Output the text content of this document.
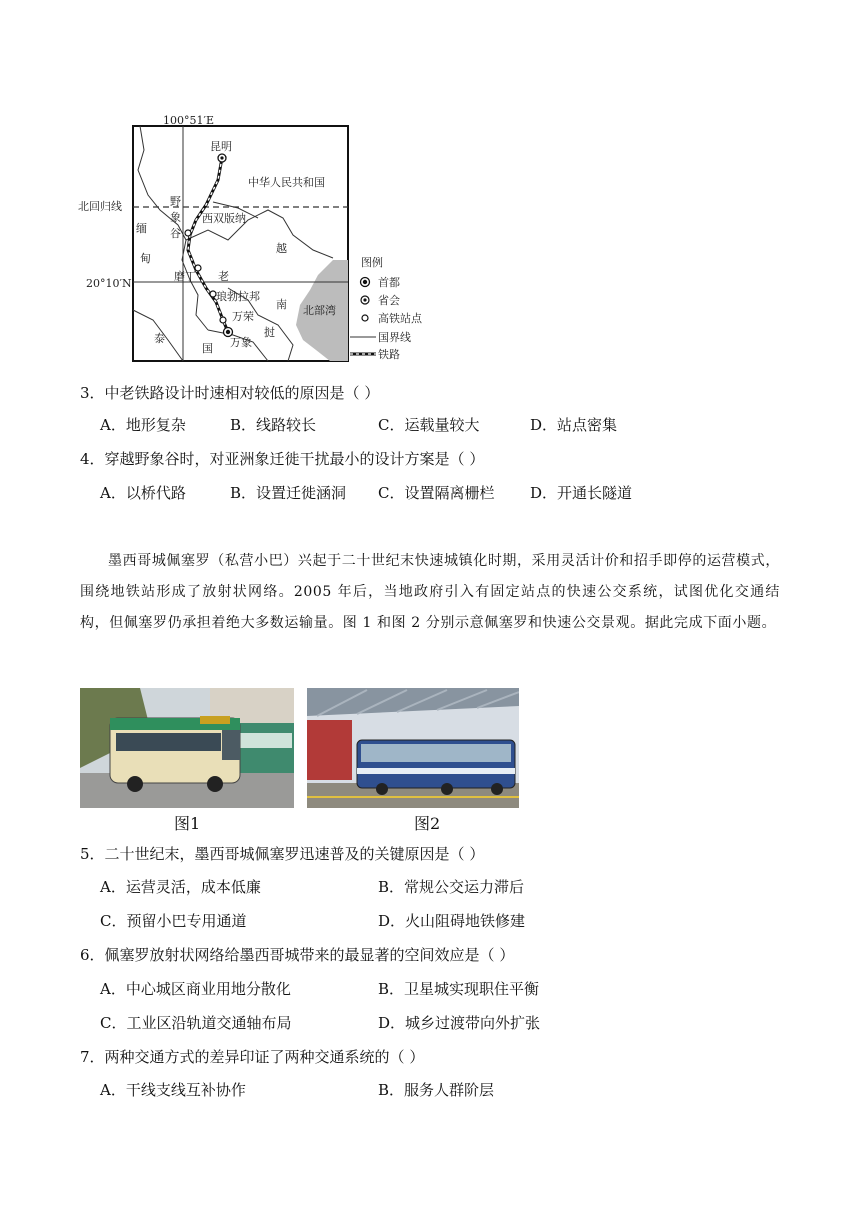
100°51′E
北回归线
20°10′N
昆明
中华人民共和国
西双版纳
野
象
谷
缅
甸
越
磨丁 老
琅勃拉邦
南 北部湾
万荣
挝
泰
国 万象
图例
首都
省会
高铁站点
国界线
铁路
3．中老铁路设计时速相对较低的原因是（ ）
A．地形复杂	B．线路较长	C．运载量较大	D．站点密集
4．穿越野象谷时，对亚洲象迁徙干扰最小的设计方案是（ ）
A．以桥代路	B．设置迁徙涵洞 C．设置隔离栅栏 D．开通长隧道
墨西哥城佩塞罗（私营小巴）兴起于二十世纪末快速城镇化时期，采用灵活计价和招手即停的运营模式，围绕地铁站形成了放射状网络。2005 年后，当地政府引入有固定站点的快速公交系统，试图优化交通结构，但佩塞罗仍承担着绝大多数运输量。图 1 和图 2 分别示意佩塞罗和快速公交景观。据此完成下面小题。
图1	图2
5．二十世纪末，墨西哥城佩塞罗迅速普及的关键原因是（ ）
A．运营灵活，成本低廉	B．常规公交运力滞后
C．预留小巴专用通道	D．火山阻碍地铁修建
6．佩塞罗放射状网络给墨西哥城带来的最显著的空间效应是（ ）
A．中心城区商业用地分散化	B．卫星城实现职住平衡
C．工业区沿轨道交通轴布局	D．城乡过渡带向外扩张
7．两种交通方式的差异印证了两种交通系统的（ ）
A．干线支线互补协作	B．服务人群阶层
